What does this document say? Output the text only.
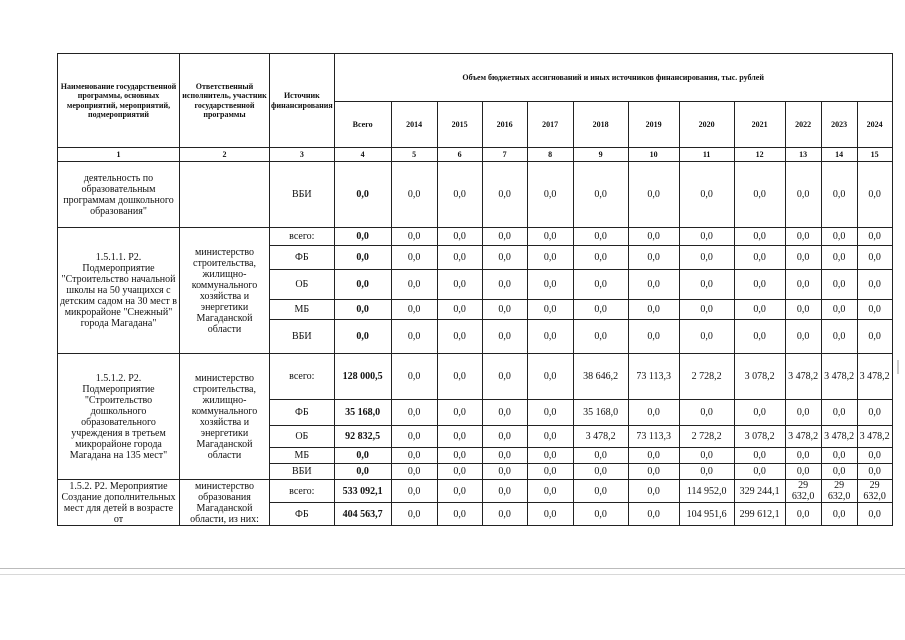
Наименование государственной программы, основных мероприятий, мероприятий, подмероприятий	Ответственный исполнитель, участник государственной программы	Источник финансирования	Объем бюджетных ассигнований и иных источников финансирования, тыс. рублей											
			Всего	2014	2015	2016	2017	2018	2019	2020	2021	2022	2023	2024
1	2	3	4	5	6	7	8	9	10	11	12	13	14	15
деятельность по образовательным программам дошкольного образования"		ВБИ	0,0	0,0	0,0	0,0	0,0	0,0	0,0	0,0	0,0	0,0	0,0	0,0
1.5.1.1. Р2. Подмероприятие "Строительство начальной школы на 50 учащихся с детским садом на 30 мест в микрорайоне "Снежный" города Магадана"	министерство строительства, жилищно-коммунального хозяйства и энергетики Магаданской области	всего:	0,0	0,0	0,0	0,0	0,0	0,0	0,0	0,0	0,0	0,0	0,0	0,0
		ФБ	0,0	0,0	0,0	0,0	0,0	0,0	0,0	0,0	0,0	0,0	0,0	0,0
		ОБ	0,0	0,0	0,0	0,0	0,0	0,0	0,0	0,0	0,0	0,0	0,0	0,0
		МБ	0,0	0,0	0,0	0,0	0,0	0,0	0,0	0,0	0,0	0,0	0,0	0,0
		ВБИ	0,0	0,0	0,0	0,0	0,0	0,0	0,0	0,0	0,0	0,0	0,0	0,0
1.5.1.2. Р2. Подмероприятие "Строительство дошкольного образовательного учреждения в третьем микрорайоне города Магадана на 135 мест"	министерство строительства, жилищно-коммунального хозяйства и энергетики Магаданской области	всего:	128 000,5	0,0	0,0	0,0	0,0	38 646,2	73 113,3	2 728,2	3 078,2	3 478,2	3 478,2	3 478,2
		ФБ	35 168,0	0,0	0,0	0,0	0,0	35 168,0	0,0	0,0	0,0	0,0	0,0	0,0
		ОБ	92 832,5	0,0	0,0	0,0	0,0	3 478,2	73 113,3	2 728,2	3 078,2	3 478,2	3 478,2	3 478,2
		МБ	0,0	0,0	0,0	0,0	0,0	0,0	0,0	0,0	0,0	0,0	0,0	0,0
		ВБИ	0,0	0,0	0,0	0,0	0,0	0,0	0,0	0,0	0,0	0,0	0,0	0,0
1.5.2. Р2. Мероприятие Создание дополнительных мест для детей в возрасте от	министерство образования Магаданской области, из них:	всего:	533 092,1	0,0	0,0	0,0	0,0	0,0	0,0	114 952,0	329 244,1	29 632,0	29 632,0	29 632,0
		ФБ	404 563,7	0,0	0,0	0,0	0,0	0,0	0,0	104 951,6	299 612,1	0,0	0,0	0,0
